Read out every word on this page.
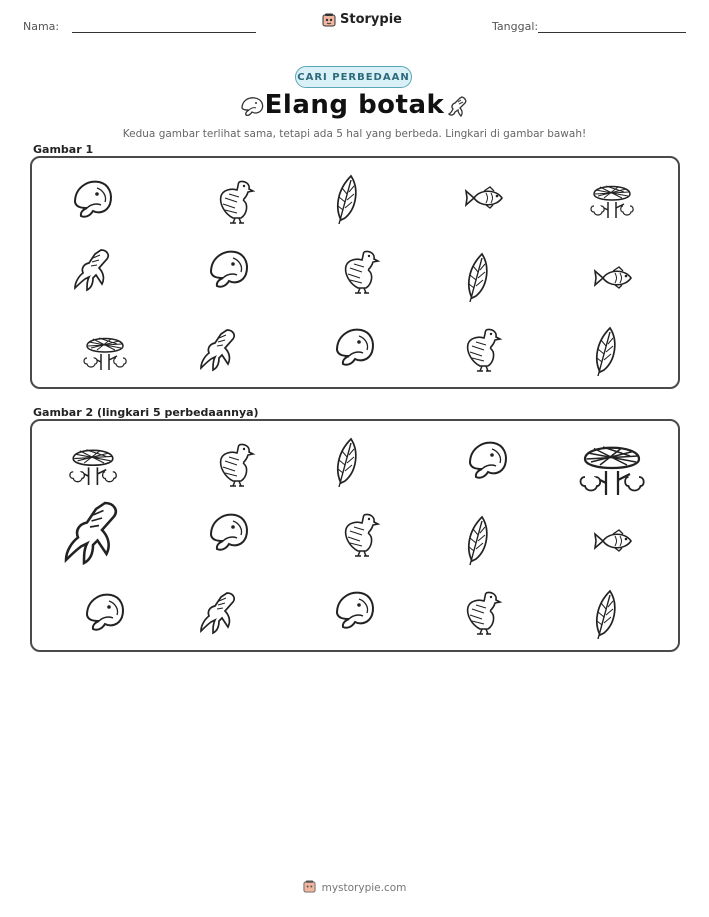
Nama:	Storypie	Tanggal:
CARI PERBEDAAN
Elang botak
Kedua gambar terlihat sama, tetapi ada 5 hal yang berbeda. Lingkari di gambar bawah!
Gambar 1
Gambar 2 (lingkari 5 perbedaannya)
mystorypie.com
